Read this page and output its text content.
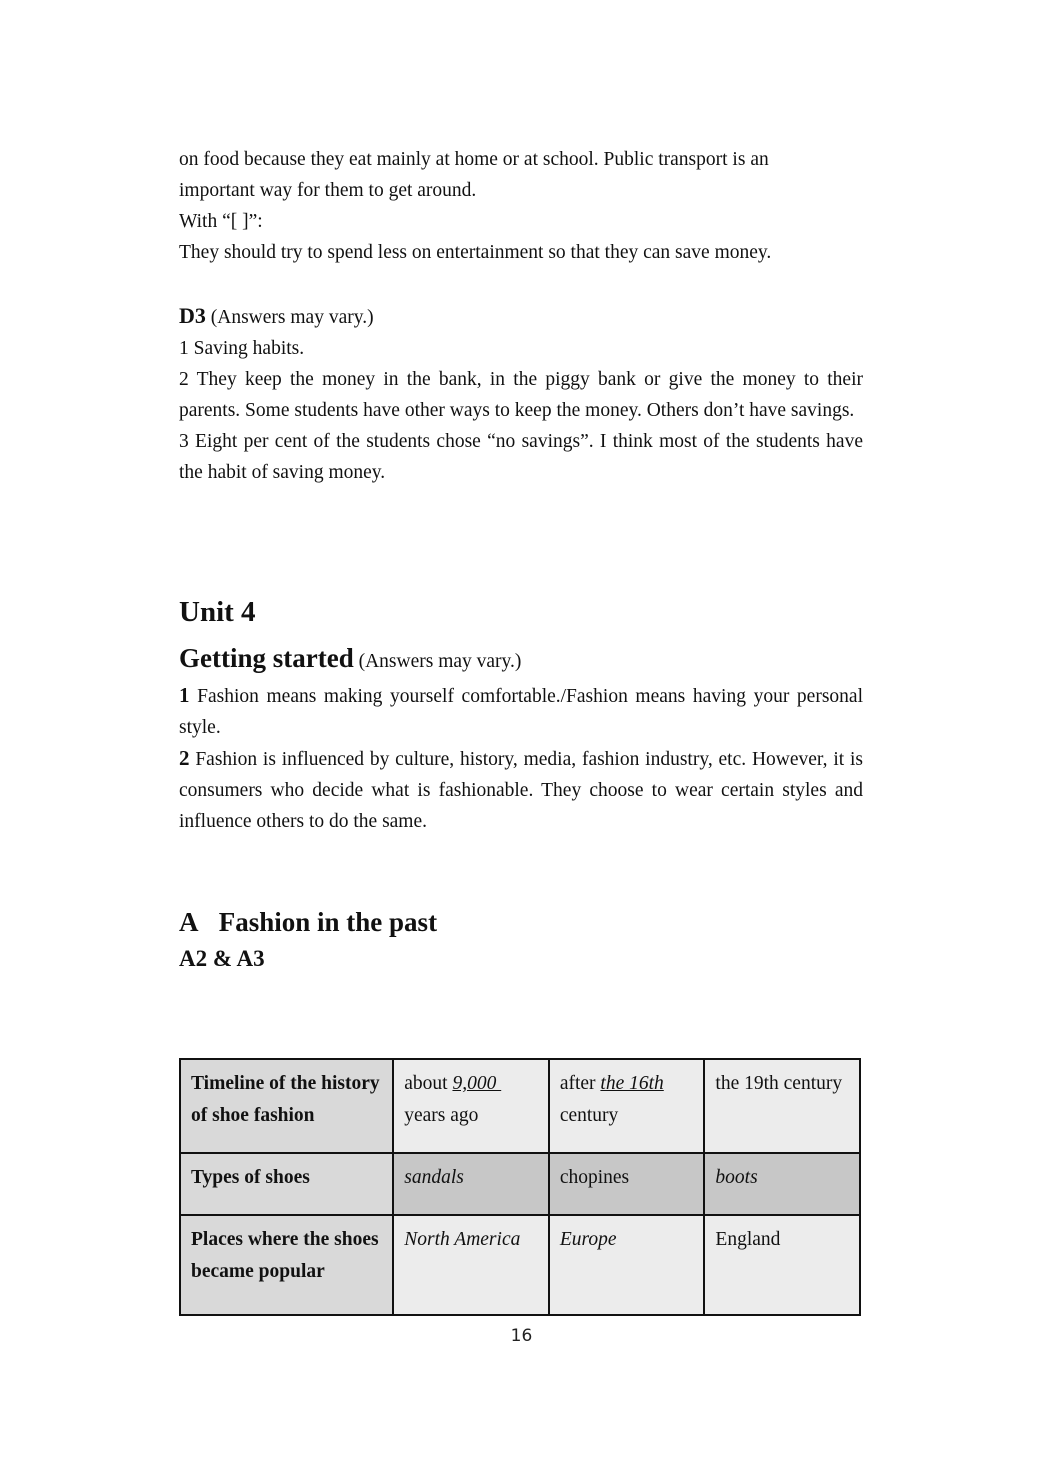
on food because they eat mainly at home or at school. Public transport is an
important way for them to get around.

With “[ ]”:

They should try to spend less on entertainment so that they can save money.

D3 (Answers may vary.)

1 Saving habits.

2 They keep the money in the bank, in the piggy bank or give the money to their parents. Some students have other ways to keep the money. Others don’t have savings.

3 Eight per cent of the students chose “no savings”. I think most of the students have the habit of saving money.

Unit 4

Getting started (Answers may vary.)

1 Fashion means making yourself comfortable./Fashion means having your personal style.

2 Fashion is influenced by culture, history, media, fashion industry, etc. However, it is consumers who decide what is fashionable. They choose to wear certain styles and influence others to do the same.

A   Fashion in the past
A2 & A3
Timeline of the history of shoe fashion	about 9,000  years ago	after the 16th century	the 19th century
Types of shoes	sandals	chopines	boots
Places where the shoes became popular	North America	Europe	England
16
